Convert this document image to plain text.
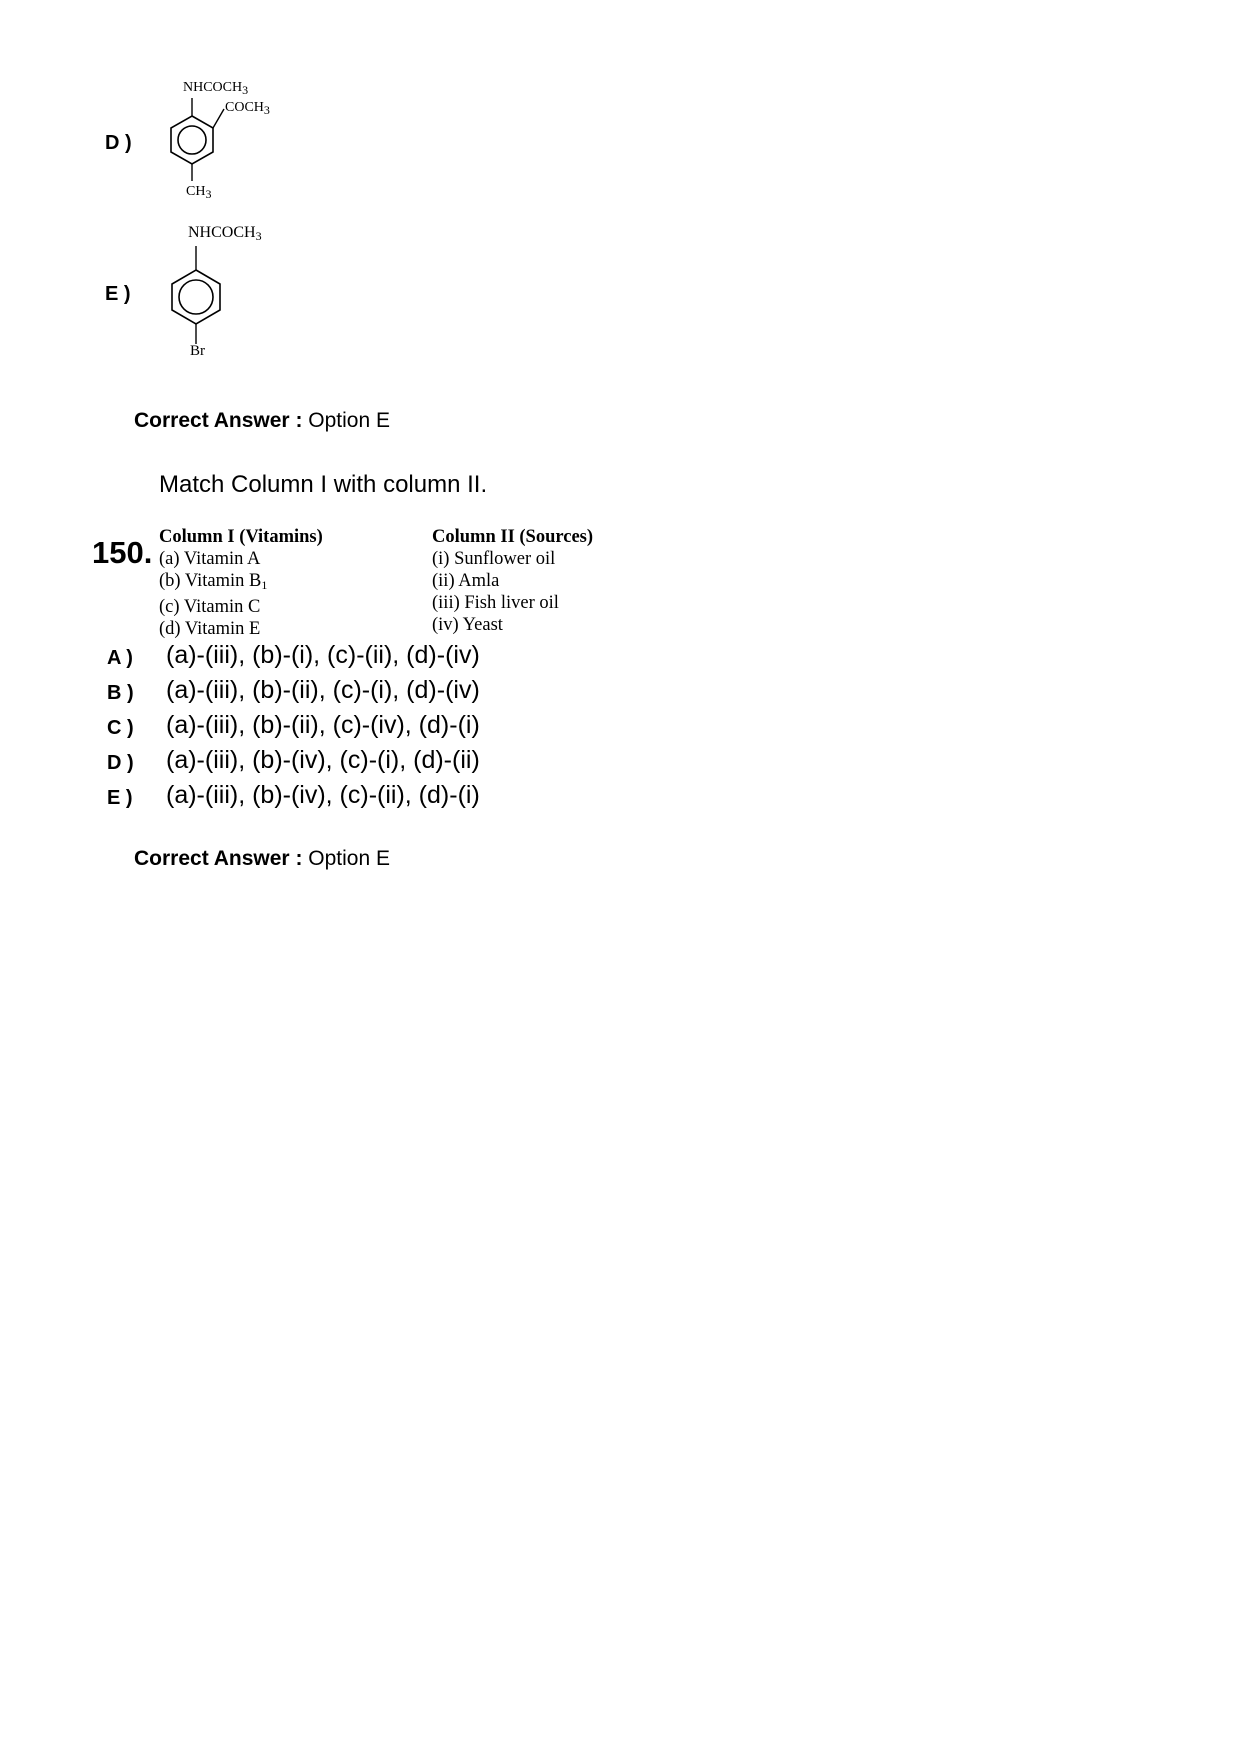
D )
NHCOCH3
COCH3
CH3
E )
$NHCOCH_3$
Br
Correct Answer : Option E
Match Column I with column II.
150. Column I (Vitamins)
(a) Vitamin A
(b) Vitamin $B_1$
(c) Vitamin C
(d) Vitamin E
Column II (Sources)
(i) Sunflower oil
(ii) Amla
(iii) Fish liver oil
(iv) Yeast
A ) (a)-(iii), (b)-(i), (c)-(ii), (d)-(iv)
B ) (a)-(iii), (b)-(ii), (c)-(i), (d)-(iv)
C ) (a)-(iii), (b)-(ii), (c)-(iv), (d)-(i)
D ) (a)-(iii), (b)-(iv), (c)-(i), (d)-(ii)
E ) (a)-(iii), (b)-(iv), (c)-(ii), (d)-(i)
Correct Answer : Option E
